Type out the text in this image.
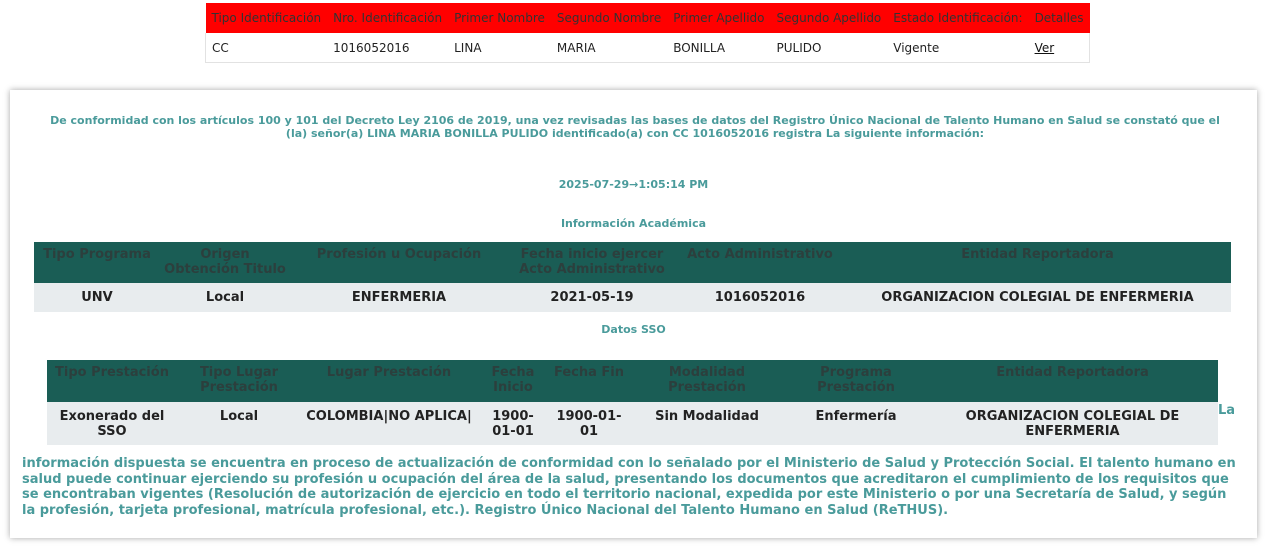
Tipo Identificación	Nro. Identificación	Primer Nombre	Segundo Nombre	Primer Apellido	Segundo Apellido	Estado Identificación:	Detalles
CC	1016052016	LINA	MARIA	BONILLA	PULIDO	Vigente	Ver
De conformidad con los artículos 100 y 101 del Decreto Ley 2106 de 2019, una vez revisadas las bases de datos del Registro Único Nacional de Talento Humano en Salud se constató que el (la) señor(a) LINA MARIA BONILLA PULIDO identificado(a) con CC 1016052016 registra La siguiente información:
2025-07-29→1:05:14 PM
Información Académica
Tipo Programa	Origen Obtención Titulo	Profesión u Ocupación	Fecha inicio ejercer Acto Administrativo	Acto Administrativo	Entidad Reportadora
UNV	Local	ENFERMERIA	2021-05-19	1016052016	ORGANIZACION COLEGIAL DE ENFERMERIA
Datos SSO
Tipo Prestación	Tipo Lugar Prestación	Lugar Prestación	Fecha Inicio	Fecha Fin	Modalidad Prestación	Programa Prestación	Entidad Reportadora
Exonerado del SSO	Local	COLOMBIA|NO APLICA|	1900-01-01	1900-01-01	Sin Modalidad	Enfermería	ORGANIZACION COLEGIAL DE ENFERMERIA
La
información dispuesta se encuentra en proceso de actualización de conformidad con lo señalado por el Ministerio de Salud y Protección Social. El talento humano en salud puede continuar ejerciendo su profesión u ocupación del área de la salud, presentando los documentos que acreditaron el cumplimiento de los requisitos que se encontraban vigentes (Resolución de autorización de ejercicio en todo el territorio nacional, expedida por este Ministerio o por una Secretaría de Salud, y según la profesión, tarjeta profesional, matrícula profesional, etc.). Registro Único Nacional del Talento Humano en Salud (ReTHUS).
